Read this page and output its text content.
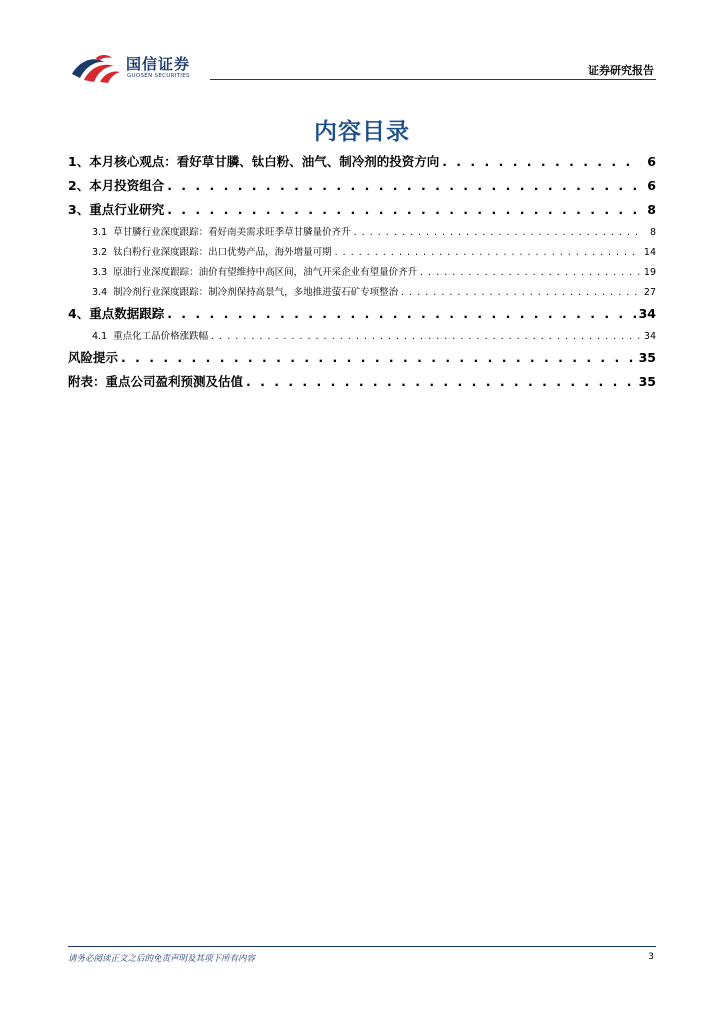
国信证券
GUOSEN SECURITIES	证券研究报告
内容目录
1、本月核心观点：看好草甘膦、钛白粉、油气、制冷剂的投资方向 . . .	6
2、本月投资组合 . . .	6
3、重点行业研究 . . .	8
3.1 草甘膦行业深度跟踪：看好南美需求旺季草甘膦量价齐升 . . .	8
3.2 钛白粉行业深度跟踪：出口优势产品，海外增量可期 . . .	14
3.3 原油行业深度跟踪：油价有望维持中高区间，油气开采企业有望量价齐升 . . .	19
3.4 制冷剂行业深度跟踪：制冷剂保持高景气，多地推进萤石矿专项整治 . . .	27
4、重点数据跟踪 . . .	34
4.1 重点化工品价格涨跌幅 . . .	34
风险提示 . . .	35
附表：重点公司盈利预测及估值 . . .	35
请务必阅读正文之后的免责声明及其项下所有内容	3
